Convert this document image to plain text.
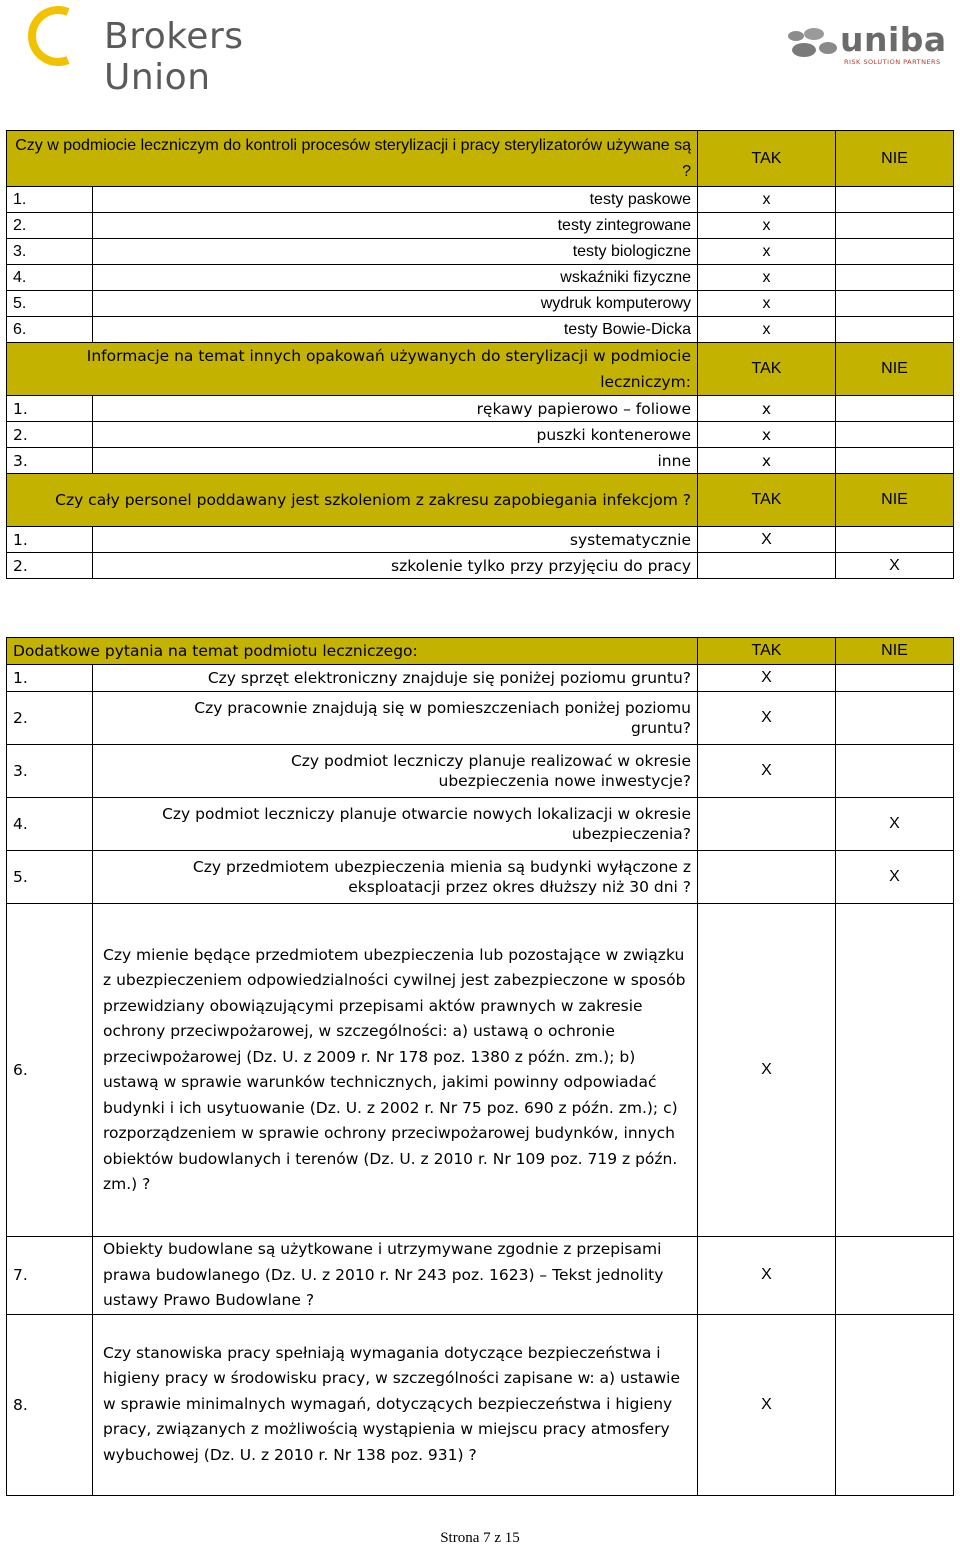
Brokers Union
uniba
RISK SOLUTION PARTNERS
Czy w podmiocie leczniczym do kontroli procesów sterylizacji i pracy sterylizatorów używane są ?		TAK	NIE
1.	testy paskowe	x	
2.	testy zintegrowane	x	
3.	testy biologiczne	x	
4.	wskaźniki fizyczne	x	
5.	wydruk komputerowy	x	
6.	testy Bowie-Dicka	x	
Informacje na temat innych opakowań używanych do sterylizacji w podmiocie leczniczym:		TAK	NIE
1.	rękawy papierowo – foliowe	x	
2.	puszki kontenerowe	x	
3.	inne	x	
Czy cały personel poddawany jest szkoleniom z zakresu zapobiegania infekcjom ?		TAK	NIE
1.	systematycznie	X	
2.	szkolenie tylko przy przyjęciu do pracy		X
Dodatkowe pytania na temat podmiotu leczniczego:		TAK	NIE
1.	Czy sprzęt elektroniczny znajduje się poniżej poziomu gruntu?	X	
2.	Czy pracownie znajdują się w pomieszczeniach poniżej poziomu gruntu?	X	
3.	Czy podmiot leczniczy planuje realizować w okresie ubezpieczenia nowe inwestycje?	X	
4.	Czy podmiot leczniczy planuje otwarcie nowych lokalizacji w okresie ubezpieczenia?		X
5.	Czy przedmiotem ubezpieczenia mienia są budynki wyłączone z eksploatacji przez okres dłuższy niż 30 dni ?		X
6.	Czy mienie będące przedmiotem ubezpieczenia lub pozostające w związku z ubezpieczeniem odpowiedzialności cywilnej jest zabezpieczone w sposób przewidziany obowiązującymi przepisami aktów prawnych w zakresie ochrony przeciwpożarowej, w szczególności: a) ustawą o ochronie przeciwpożarowej (Dz. U. z 2009 r. Nr 178 poz. 1380 z późn. zm.); b) ustawą w sprawie warunków technicznych, jakimi powinny odpowiadać budynki i ich usytuowanie (Dz. U. z 2002 r. Nr 75 poz. 690 z późn. zm.); c) rozporządzeniem w sprawie ochrony przeciwpożarowej budynków, innych obiektów budowlanych i terenów (Dz. U. z 2010 r. Nr 109 poz. 719 z późn. zm.) ?	X	
7.	Obiekty budowlane są użytkowane i utrzymywane zgodnie z przepisami prawa budowlanego (Dz. U. z 2010 r. Nr 243 poz. 1623) – Tekst jednolity ustawy Prawo Budowlane ?	X	
8.	Czy stanowiska pracy spełniają wymagania dotyczące bezpieczeństwa i higieny pracy w środowisku pracy, w szczególności zapisane w: a) ustawie w sprawie minimalnych wymagań, dotyczących bezpieczeństwa i higieny pracy, związanych z możliwością wystąpienia w miejscu pracy atmosfery wybuchowej (Dz. U. z 2010 r. Nr 138 poz. 931) ?	X	
Strona 7 z 15
